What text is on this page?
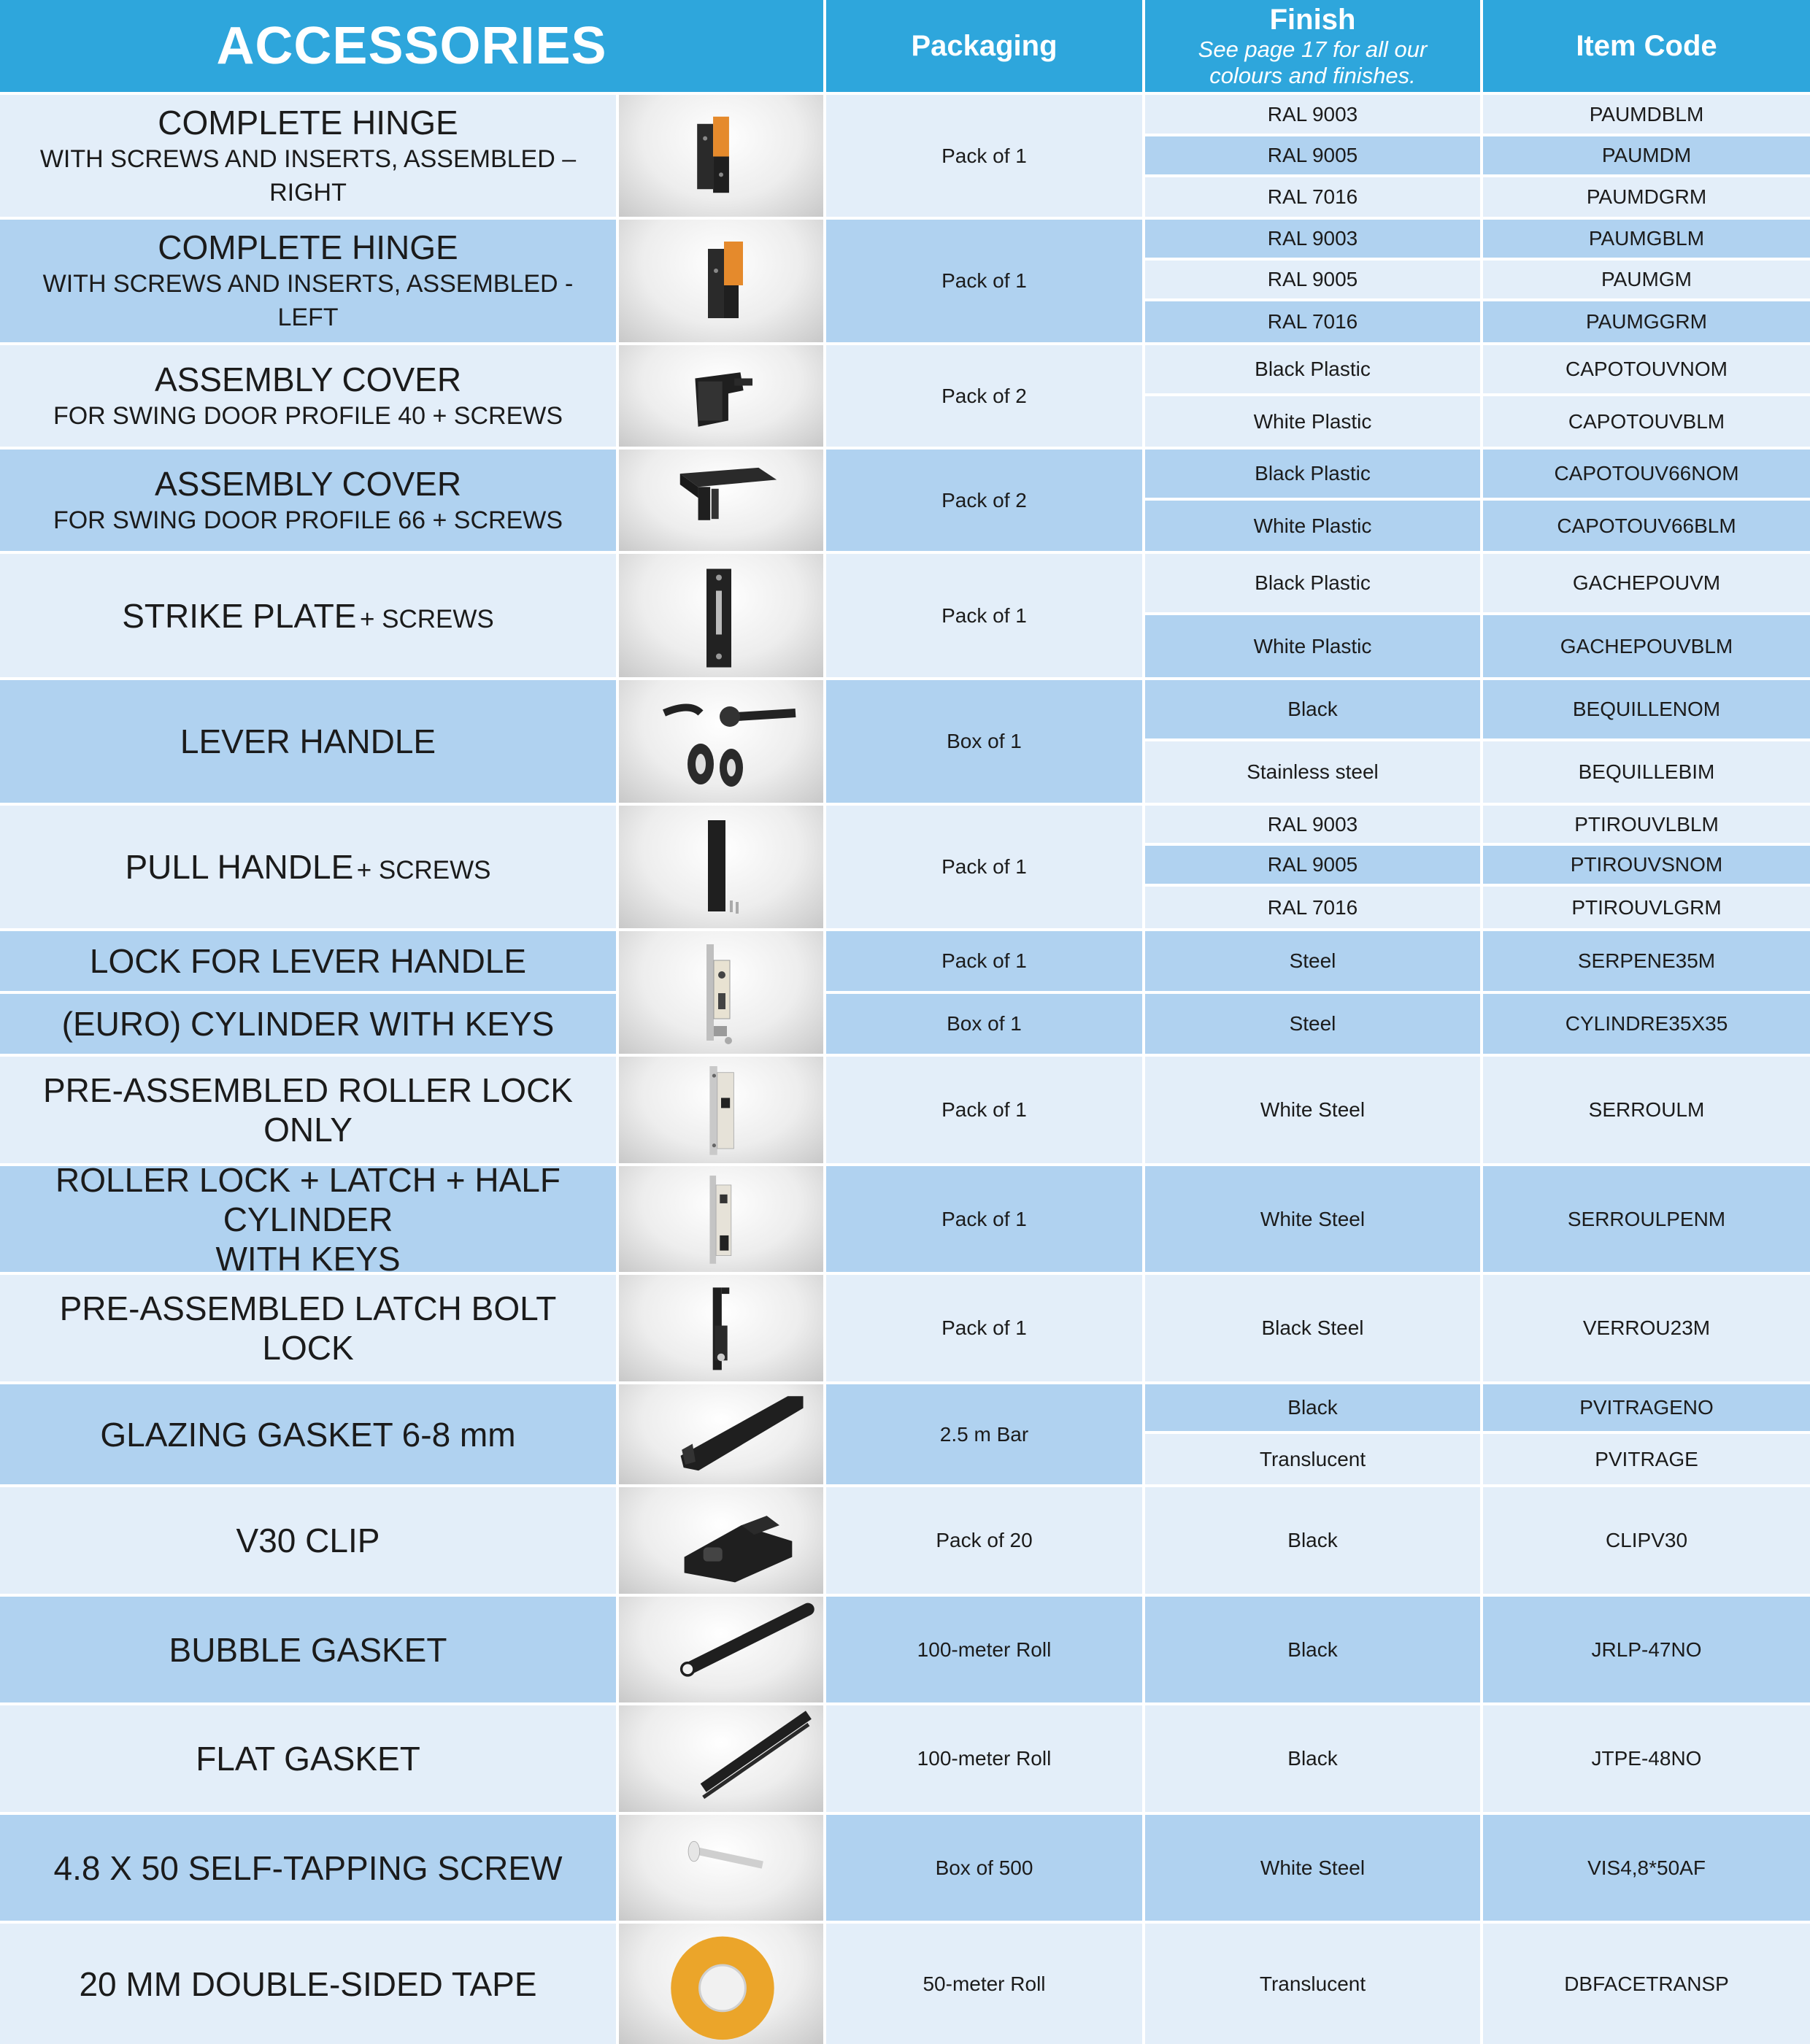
ACCESSORIES	Packaging
Finish
See page 17 for all our colours and finishes.
Item Code
COMPLETE HINGE
WITH SCREWS AND INSERTS, ASSEMBLED – RIGHT
Pack of 1
RAL 9003	PAUMDBLM
RAL 9005	PAUMDM
RAL 7016	PAUMDGRM
COMPLETE HINGE
WITH SCREWS AND INSERTS, ASSEMBLED - LEFT
Pack of 1
RAL 9003	PAUMGBLM
RAL 9005	PAUMGM
RAL 7016	PAUMGGRM
ASSEMBLY COVER
FOR SWING DOOR PROFILE 40 + SCREWS
Pack of 2
Black Plastic	CAPOTOUVNOM
White Plastic	CAPOTOUVBLM
ASSEMBLY COVER
FOR SWING DOOR PROFILE 66 + SCREWS
Pack of 2
Black Plastic	CAPOTOUV66NOM
White Plastic	CAPOTOUV66BLM
STRIKE PLATE + SCREWS	Pack of 1
Black Plastic	GACHEPOUVM
White Plastic	GACHEPOUVBLM
LEVER HANDLE	Box of 1
Black	BEQUILLENOM
Stainless steel	BEQUILLEBIM
PULL HANDLE + SCREWS	Pack of 1
RAL 9003	PTIROUVLBLM
RAL 9005	PTIROUVSNOM
RAL 7016	PTIROUVLGRM
LOCK FOR LEVER HANDLE	Pack of 1	Steel	SERPENE35M
(EURO) CYLINDER WITH KEYS	Box of 1	Steel	CYLINDRE35X35
PRE-ASSEMBLED ROLLER LOCK ONLY
Pack of 1	White Steel	SERROULM
ROLLER LOCK + LATCH + HALF CYLINDER
WITH KEYS
Pack of 1	White Steel	SERROULPENM
PRE-ASSEMBLED LATCH BOLT LOCK
Pack of 1	Black Steel	VERROU23M
GLAZING GASKET 6-8 mm	2.5 m Bar
Black	PVITRAGENO
Translucent	PVITRAGE
V30 CLIP	Pack of 20	Black	CLIPV30
BUBBLE GASKET	100-meter Roll	Black	JRLP-47NO
FLAT GASKET	100-meter Roll	Black	JTPE-48NO
4.8 X 50 SELF-TAPPING SCREW	Box of 500	White Steel	VIS4,8*50AF
20 MM DOUBLE-SIDED TAPE	50-meter Roll	Translucent	DBFACETRANSP
